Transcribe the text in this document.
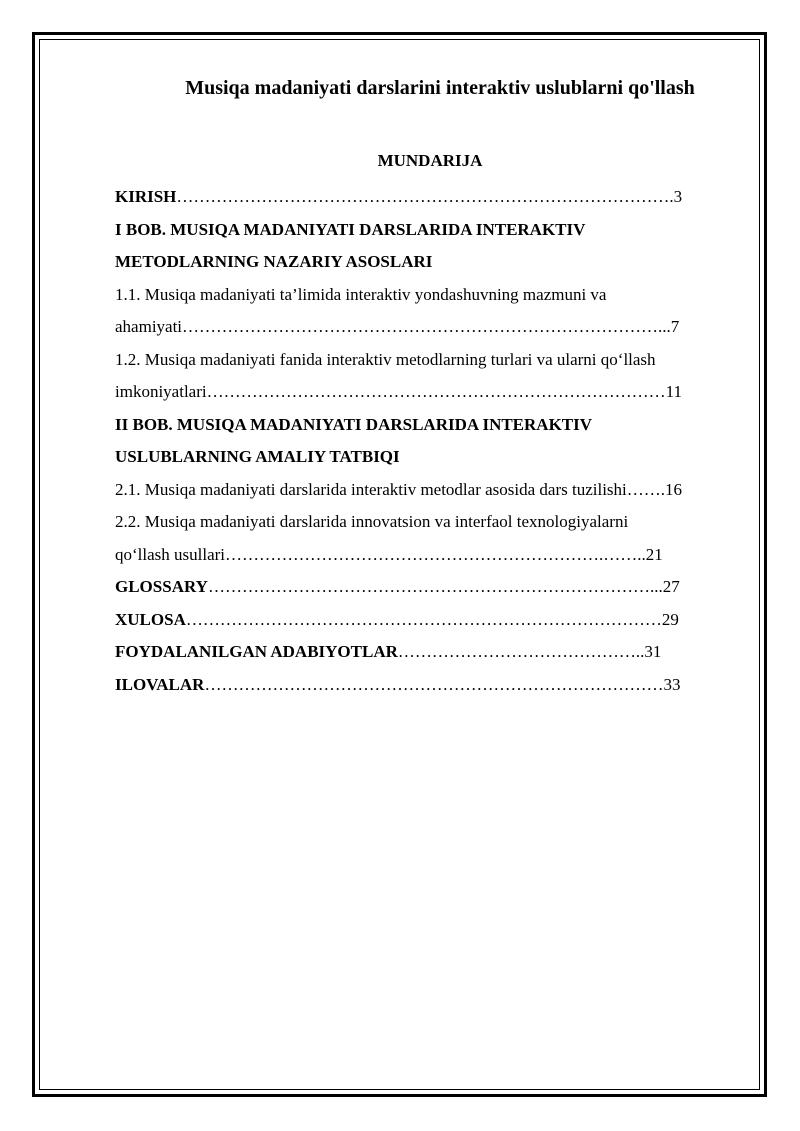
Musiqa madaniyati darslarini interaktiv uslublarni qo'llash
MUNDARIJA
KIRISH…………………………………………………………………………….3
I BOB. MUSIQA MADANIYATI DARSLARIDA INTERAKTIV
METODLARNING NAZARIY ASOSLARI
1.1. Musiqa madaniyati ta’limida interaktiv yondashuvning mazmuni va
ahamiyati…………………………………………………………………………...7
1.2. Musiqa madaniyati fanida interaktiv metodlarning turlari va ularni qo‘llash
imkoniyatlari………………………………………………………………………11
II BOB. MUSIQA MADANIYATI DARSLARIDA INTERAKTIV
USLUBLARNING AMALIY TATBIQI
2.1. Musiqa madaniyati darslarida interaktiv metodlar asosida dars tuzilishi…….16
2.2. Musiqa madaniyati darslarida innovatsion va interfaol texnologiyalarni
qo‘llash usullari………………………………………………………….……..21
GLOSSARY……………………………………………………………………...27
XULOSA…………………………………………………………………………29
FOYDALANILGAN ADABIYOTLAR……………………………………..31
ILOVALAR………………………………………………………………………33
